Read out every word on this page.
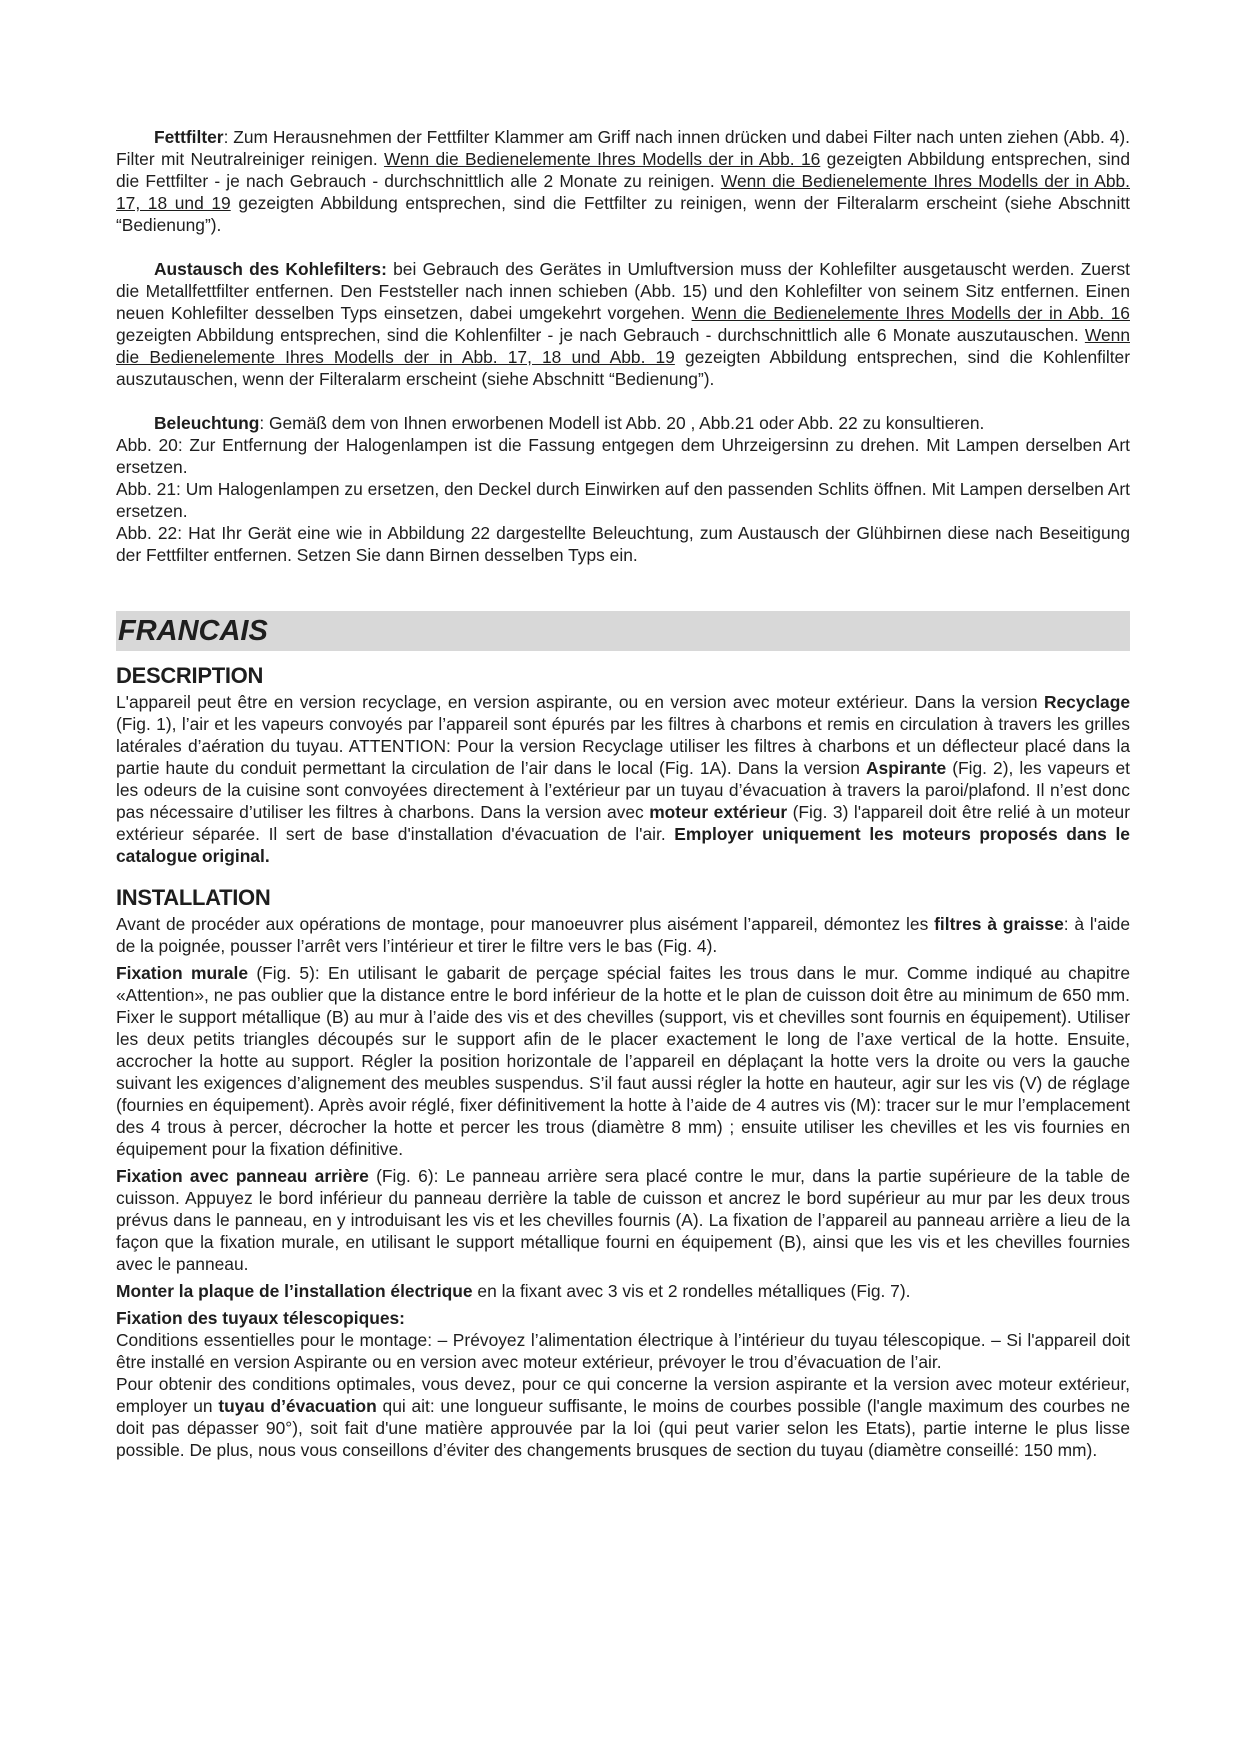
Fettfilter: Zum Herausnehmen der Fettfilter Klammer am Griff nach innen drücken und dabei Filter nach unten ziehen (Abb. 4). Filter mit Neutralreiniger reinigen. Wenn die Bedienelemente Ihres Modells der in Abb. 16 gezeigten Abbildung entsprechen, sind die Fettfilter - je nach Gebrauch - durchschnittlich alle 2 Monate zu reinigen. Wenn die Bedienelemente Ihres Modells der in Abb. 17, 18 und 19 gezeigten Abbildung entsprechen, sind die Fettfilter zu reinigen, wenn der Filteralarm erscheint (siehe Abschnitt “Bedienung”).

Austausch des Kohlefilters: bei Gebrauch des Gerätes in Umluftversion muss der Kohlefilter ausgetauscht werden. Zuerst die Metallfettfilter entfernen. Den Feststeller nach innen schieben (Abb. 15) und den Kohlefilter von seinem Sitz entfernen. Einen neuen Kohlefilter desselben Typs einsetzen, dabei umgekehrt vorgehen. Wenn die Bedienelemente Ihres Modells der in Abb. 16 gezeigten Abbildung entsprechen, sind die Kohlenfilter - je nach Gebrauch - durchschnittlich alle 6 Monate auszutauschen. Wenn die Bedienelemente Ihres Modells der in Abb. 17, 18 und Abb. 19 gezeigten Abbildung entsprechen, sind die Kohlenfilter auszutauschen, wenn der Filteralarm erscheint (siehe Abschnitt “Bedienung”).

Beleuchtung: Gemäß dem von Ihnen erworbenen Modell ist Abb. 20 , Abb.21 oder Abb. 22 zu konsultieren.

Abb. 20: Zur Entfernung der Halogenlampen ist die Fassung entgegen dem Uhrzeigersinn zu drehen. Mit Lampen derselben Art ersetzen.

Abb. 21: Um Halogenlampen zu ersetzen, den Deckel durch Einwirken auf den passenden Schlits öffnen. Mit Lampen derselben Art ersetzen.

Abb. 22: Hat Ihr Gerät eine wie in Abbildung 22 dargestellte Beleuchtung, zum Austausch der Glühbirnen diese nach Beseitigung der Fettfilter entfernen. Setzen Sie dann Birnen desselben Typs ein.

FRANCAIS
DESCRIPTION

L'appareil peut être en version recyclage, en version aspirante, ou en version avec moteur extérieur. Dans la version Recyclage (Fig. 1), l’air et les vapeurs convoyés par l’appareil sont épurés par les filtres à charbons et remis en circulation à travers les grilles latérales d’aération du tuyau. ATTENTION: Pour la version Recyclage utiliser les filtres à charbons et un déflecteur placé dans la partie haute du conduit permettant la circulation de l’air dans le local (Fig. 1A). Dans la version Aspirante (Fig. 2), les vapeurs et les odeurs de la cuisine sont convoyées directement à l’extérieur par un tuyau d’évacuation à travers la paroi/plafond. Il n’est donc pas nécessaire d’utiliser les filtres à charbons. Dans la version avec moteur extérieur (Fig. 3) l'appareil doit être relié à un moteur extérieur séparée. Il sert de base d'installation d'évacuation de l'air. Employer uniquement les moteurs proposés dans le catalogue original.

INSTALLATION

Avant de procéder aux opérations de montage, pour manoeuvrer plus aisément l’appareil, démontez les filtres à graisse: à l'aide de la poignée, pousser l’arrêt vers l’intérieur et tirer le filtre vers le bas (Fig. 4).

Fixation murale (Fig. 5): En utilisant le gabarit de perçage spécial faites les trous dans le mur. Comme indiqué au chapitre «Attention», ne pas oublier que la distance entre le bord inférieur de la hotte et le plan de cuisson doit être au minimum de 650 mm. Fixer le support métallique (B) au mur à l’aide des vis et des chevilles (support, vis et chevilles sont fournis en équipement). Utiliser les deux petits triangles découpés sur le support afin de le placer exactement le long de l’axe vertical de la hotte. Ensuite, accrocher la hotte au support. Régler la position horizontale de l’appareil en déplaçant la hotte vers la droite ou vers la gauche suivant les exigences d’alignement des meubles suspendus. S’il faut aussi régler la hotte en hauteur, agir sur les vis (V) de réglage (fournies en équipement). Après avoir réglé, fixer définitivement la hotte à l’aide de 4 autres vis (M): tracer sur le mur l’emplacement des 4 trous à percer, décrocher la hotte et percer les trous (diamètre 8 mm) ; ensuite utiliser les chevilles et les vis fournies en équipement pour la fixation définitive.

Fixation avec panneau arrière (Fig. 6): Le panneau arrière sera placé contre le mur, dans la partie supérieure de la table de cuisson. Appuyez le bord inférieur du panneau derrière la table de cuisson et ancrez le bord supérieur au mur par les deux trous prévus dans le panneau, en y introduisant les vis et les chevilles fournis (A). La fixation de l’appareil au panneau arrière a lieu de la façon que la fixation murale, en utilisant le support métallique fourni en équipement (B), ainsi que les vis et les chevilles fournies avec le panneau.

Monter la plaque de l’installation électrique en la fixant avec 3 vis et 2 rondelles métalliques (Fig. 7).

Fixation des tuyaux télescopiques:

Conditions essentielles pour le montage: – Prévoyez l’alimentation électrique à l’intérieur du tuyau télescopique. – Si l'appareil doit être installé en version Aspirante ou en version avec moteur extérieur, prévoyer le trou d’évacuation de l’air.

Pour obtenir des conditions optimales, vous devez, pour ce qui concerne la version aspirante et la version avec moteur extérieur, employer un tuyau d’évacuation qui ait: une longueur suffisante, le moins de courbes possible (l'angle maximum des courbes ne doit pas dépasser 90°), soit fait d'une matière approuvée par la loi (qui peut varier selon les Etats), partie interne le plus lisse possible. De plus, nous vous conseillons d’éviter des changements brusques de section du tuyau (diamètre conseillé: 150 mm).
